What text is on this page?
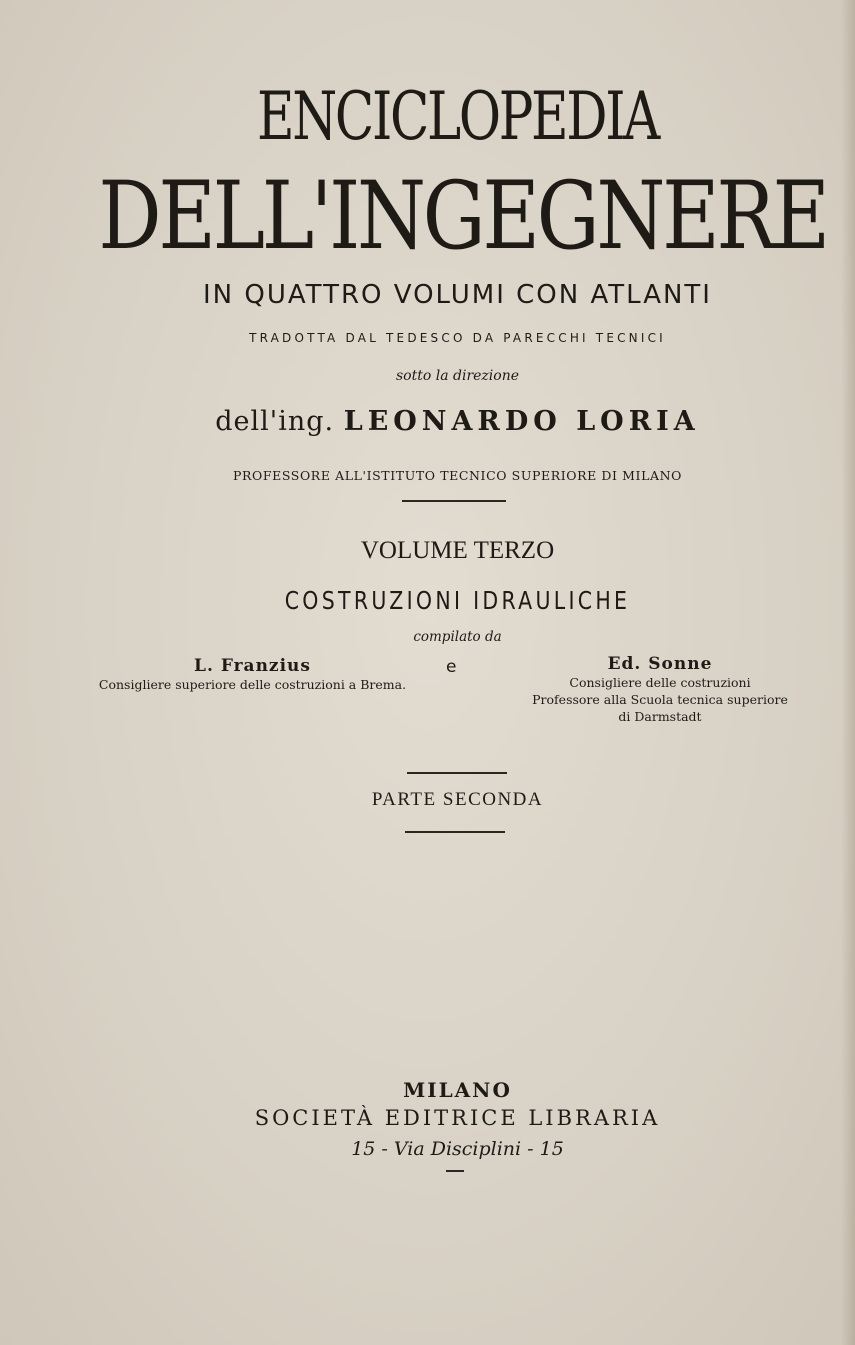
ENCICLOPEDIA
DELL'INGEGNERE
IN QUATTRO VOLUMI CON ATLANTI
TRADOTTA DAL TEDESCO DA PARECCHI TECNICI
sotto la direzione
dell'ing. LEONARDO LORIA
PROFESSORE ALL'ISTITUTO TECNICO SUPERIORE DI MILANO
VOLUME TERZO
COSTRUZIONI IDRAULICHE
compilato da
L. Franzius
Consigliere superiore delle costruzioni a Brema.
e	Ed. Sonne
Consigliere delle costruzioni
Professore alla Scuola tecnica superiore
di Darmstadt
PARTE SECONDA
MILANO
SOCIETÀ EDITRICE LIBRARIA
15 - Via Disciplini - 15
